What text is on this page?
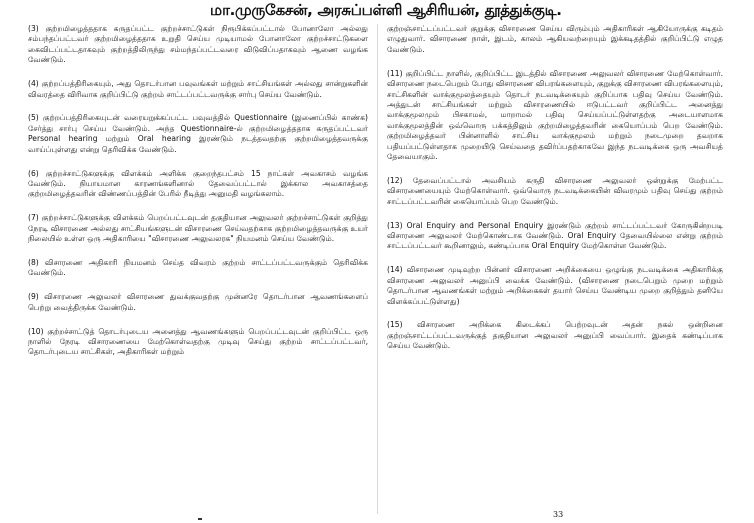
மா.முருகேசன், அரசுப்பள்ளி ஆசிரியன், தூத்துக்குடி.

(3) குற்றமிழைத்ததாக கருதப்பட்ட குற்றச்சாட்டுகள் நிரூபிக்கப்பட்டால் போனாலோ அல்லது சம்பந்தப்பட்டவர் குற்றமிழைத்ததாக உறுதி செய்ய முடியாமல் போனாலோ குற்றச்சாட்டுகளை கைவிடப்பட்டதாகவும் குற்றத்திலிருந்து சம்மந்தப்பட்டவரை விடுவிப்பதாகவும் ஆணை வழங்க வேண்டும்.

(4) குற்றப்பத்திரிகையும், அது தொடர்பான பவுவங்கள் மற்றும் சாட்சியங்கள் அல்லது சான்றுகளின் விவரத்தை விரிவாக குறிப்பிட்டு குற்றம் சாட்டப்பட்டவருக்கு சார்பு செய்ய வேண்டும்.

(5) குற்றப்பத்திரிகையுடன் வரையறுக்கப்பட்ட பவுவத்தில் Questionnaire (இணைப்பில் காண்க) சேர்த்து சார்பு செய்ய வேண்டும். அந்த Questionnaire-ல் குற்றமிழைத்ததாக கருதப்பட்டவர் Personal hearing மற்றும் Oral hearing இரண்டும் நடத்தவதற்கு குற்றமிழைத்தவருக்கு வாய்ப்புள்ளது என்று தெரிவிக்க வேண்டும்.

(6) குற்றச்சாட்டுகளுக்கு விளக்கம் அளிக்க குறைந்தபட்சம் 15 நாட்கள் அவகாசம் வழங்க வேண்டும். நியாயமான காரணங்களினால் தேவைப்பட்டால் இக்கால அவகாசத்தை குற்றமிழைத்தவரின் விண்ணப்பத்தின் பேரில் நீடித்து அனுமதி வழங்கலாம்.

(7) குற்றச்சாட்டுகளுக்கு விளக்கம் பெறப்பட்டவுடன் தகுதியான அலுவலர் குற்றச்சாட்டுகள் குறித்து நேரடி விசாரணை அல்லது சாட்சியங்களுடன் விசாரணை செய்வதற்காக குற்றமிழைத்தவருக்கு உயர் நிலையில் உள்ள ஒரு அதிகாரியை "விசாரணை அலுவலரக" நியமனம் செய்ய வேண்டும்.

(8) விசாரணை அதிகாரி நியமனம் செய்த விவரம் குற்றம் சாட்டப்பட்டவருக்கும் தெரிவிக்க வேண்டும்.

(9) விசாரணை அலுவலர் விசாரணை துவக்குவதற்கு முன்னரே தொடர்பான ஆவணங்களைப் பெற்று வைத்திருக்க வேண்டும்.

(10) குற்றச்சாட்டுத் தொடர்புடைய அனைத்து ஆவணங்களும் பெறப்பட்டவுடன் குறிப்பிட்ட ஒரு நாளில் நேரடி விசாரணையை மேற்கொள்வதற்கு முடிவு செய்து குற்றம் சாட்டப்பட்டவர், தொடர்புடைய சாட்சிகள், அதிகாரிகள் மற்றும்

குற்றஞ்சாட்டப்பட்டவர் குறுக்கு விசாரணை செய்ய விரும்பும் அதிகாரிகள் ஆகியோருக்கு கடிதம் எழுதுவார். விசாரணை நாள், இடம், காலம் ஆகியவற்றையும் இக்கடிதத்தில் குறிப்பிட்டு எழுத வேண்டும்.

(11) குறிப்பிட்ட நாளில், குறிப்பிட்ட இடத்தில் விசாரணை அலுவலர் விசாரணை மேற்கொள்வார். விசாரணை நடைபெறும் போது விசாரணை விபரங்களையும், குறுக்கு விசாரணை விபரங்களையும், சாட்சிகளின் வாக்குமூலத்தையும் தொடர் நடவடிக்கையும் குறிப்பாக பதிவு செய்ய வேண்டும். அத்துடன் சாட்சியங்கள் மற்றும் விசாரணையில் ஈடுபட்டவர் குறிப்பிட்ட அனைத்து வாக்குமூலமும் பிசகாமல், மாறாமல் பதிவு செய்யப்பட்டுள்ளதற்கு அடையாளமாக வாக்குமூலத்தின் ஒவ்வொரு பக்கத்திலும் குற்றமிழைத்தவரின் கையொப்பம் பெற வேண்டும். குற்றமிழைத்தவர் பின்னாளில் சாட்சிய வாக்குமூலம் மற்றும் நடைமுறை தவறாக பதியப்பட்டுள்ளதாக முறையிடு செய்வதை தவிர்ப்பதற்காகவே இந்த நடவடிக்கை ஒரு அவசியத் தேவையாகும்.

(12) தேவைப்பட்டால் அவசியம் கருதி விசாரணை அலுவலர் ஒன்றுக்கு மேற்பட்ட விசாரணையையும் மேற்கொள்வார். ஒவ்வொரு நடவடிக்கையின் விவரமும் பதிவு செய்து குற்றம் சாட்டப்பட்டவரின் கையொப்பம் பெற வேண்டும்.

(13) Oral Enquiry and Personal Enquiry இரண்டும் குற்றம் சாட்டப்பட்டவர் கோருகின்றபடி விசாரணை அலுவலர் மேற்கொண்டாக வேண்டும். Oral Enquiry தேவையில்லை என்று குற்றம் சாட்டப்பட்டவர் கூறினாலும், கண்டிப்பாக Oral Enquiry மேற்கொள்ள வேண்டும்.

(14) விசாரணை முடிவுற்ற பின்னர் விசாரணை அறிக்கையை ஒழுங்கு நடவடிக்கை அதிகாரிக்கு விசாரணை அலுவலர் அனுப்பி வைக்க வேண்டும். (விசாரணை நடைபெறும் முறை மற்றும் தொடர்பான ஆவணங்கள் மற்றும் அறிக்கைகள் தயார் செய்ய வேண்டிய முறை குறித்தும் தனியே விளக்கப்பட்டுள்ளது)

(15) விசாரணை அறிக்கை கிடைக்கப் பெற்றவுடன் அதன் நகல் ஒன்றினை குற்றஞ்சாட்டப்பட்டவருக்குத் தகுதியான அலுவலர் அனுப்பி வைப்பார். இதைக் கண்டிப்பாக செய்ய வேண்டும்.

33
